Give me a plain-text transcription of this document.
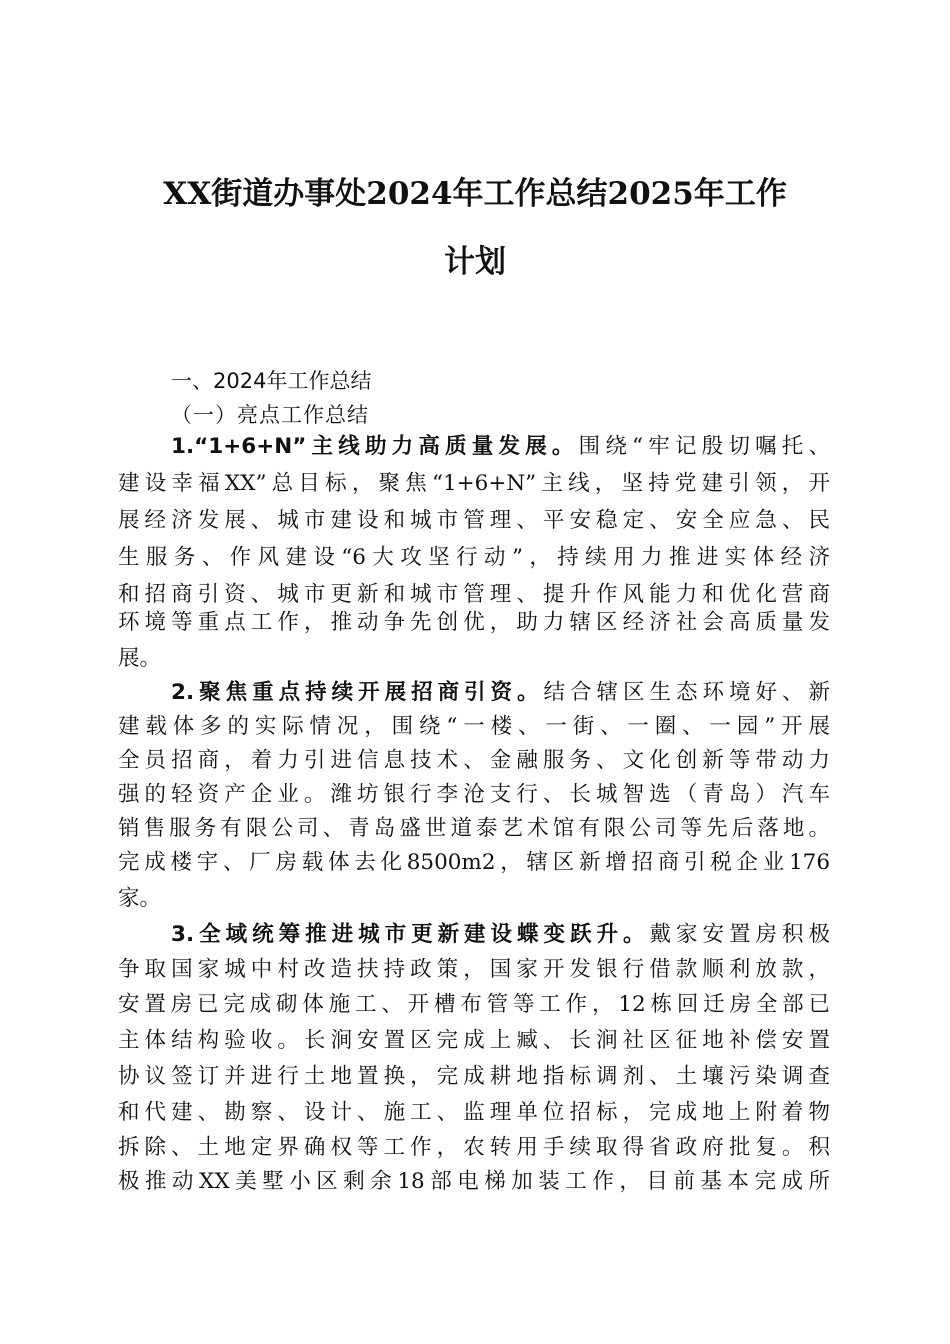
XX街道办事处2024年工作总结2025年工作
计划
一、2024年工作总结
（一）亮点工作总结
1.“1+6+N”主线助力高质量发展。围绕“牢记殷切嘱托、
建设幸福XX”总目标，聚焦“1+6+N”主线，坚持党建引领，开
展经济发展、城市建设和城市管理、平安稳定、安全应急、民
生服务、作风建设“6大攻坚行动”，持续用力推进实体经济
和招商引资、城市更新和城市管理、提升作风能力和优化营商
环境等重点工作，推动争先创优，助力辖区经济社会高质量发
展。
2.聚焦重点持续开展招商引资。结合辖区生态环境好、新
建载体多的实际情况，围绕“一楼、一街、一圈、一园”开展
全员招商，着力引进信息技术、金融服务、文化创新等带动力
强的轻资产企业。潍坊银行李沧支行、长城智选（青岛）汽车
销售服务有限公司、青岛盛世道泰艺术馆有限公司等先后落地。
完成楼宇、厂房载体去化8500m2，辖区新增招商引税企业176
家。
3.全域统筹推进城市更新建设蝶变跃升。戴家安置房积极
争取国家城中村改造扶持政策，国家开发银行借款顺利放款，
安置房已完成砌体施工、开槽布管等工作，12栋回迁房全部已
主体结构验收。长涧安置区完成上臧、长涧社区征地补偿安置
协议签订并进行土地置换，完成耕地指标调剂、土壤污染调查
和代建、勘察、设计、施工、监理单位招标，完成地上附着物
拆除、土地定界确权等工作，农转用手续取得省政府批复。积
极推动XX美墅小区剩余18部电梯加装工作，目前基本完成所
